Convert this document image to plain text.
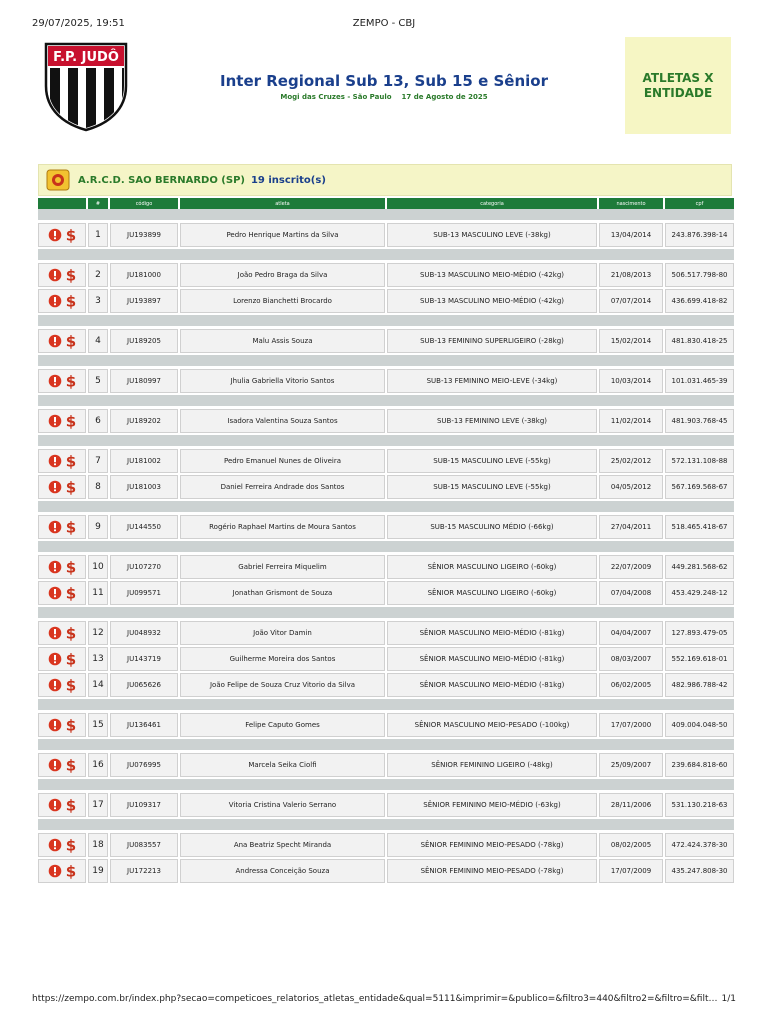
29/07/2025, 19:51	ZEMPO - CBJ
F.P. JUDÔ
Inter Regional Sub 13, Sub 15 e Sênior
Mogi das Cruzes - São Paulo 17 de Agosto de 2025
ATLETAS X
ENTIDADE
A.R.C.D. SAO BERNARDO (SP) 19 inscrito(s)
	#	código	atleta	categoria	nascimento	cpf

$	1	JU193899	Pedro Henrique Martins da Silva	SUB-13 MASCULINO LEVE (-38kg)	13/04/2014	243.876.398-14

$	2	JU181000	João Pedro Braga da Silva	SUB-13 MASCULINO MEIO-MÉDIO (-42kg)	21/08/2013	506.517.798-80

$	3	JU193897	Lorenzo Bianchetti Brocardo	SUB-13 MASCULINO MEIO-MÉDIO (-42kg)	07/07/2014	436.699.418-82

$	4	JU189205	Malu Assis Souza	SUB-13 FEMININO SUPERLIGEIRO (-28kg)	15/02/2014	481.830.418-25

$	5	JU180997	Jhulia Gabriella Vitorio Santos	SUB-13 FEMININO MEIO-LEVE (-34kg)	10/03/2014	101.031.465-39

$	6	JU189202	Isadora Valentina Souza Santos	SUB-13 FEMININO LEVE (-38kg)	11/02/2014	481.903.768-45

$	7	JU181002	Pedro Emanuel Nunes de Oliveira	SUB-15 MASCULINO LEVE (-55kg)	25/02/2012	572.131.108-88

$	8	JU181003	Daniel Ferreira Andrade dos Santos	SUB-15 MASCULINO LEVE (-55kg)	04/05/2012	567.169.568-67

$	9	JU144550	Rogério Raphael Martins de Moura Santos	SUB-15 MASCULINO MÉDIO (-66kg)	27/04/2011	518.465.418-67

$	10	JU107270	Gabriel Ferreira Miquelim	SÊNIOR MASCULINO LIGEIRO (-60kg)	22/07/2009	449.281.568-62

$	11	JU099571	Jonathan Grismont de Souza	SÊNIOR MASCULINO LIGEIRO (-60kg)	07/04/2008	453.429.248-12

$	12	JU048932	João Vitor Damin	SÊNIOR MASCULINO MEIO-MÉDIO (-81kg)	04/04/2007	127.893.479-05

$	13	JU143719	Guilherme Moreira dos Santos	SÊNIOR MASCULINO MEIO-MÉDIO (-81kg)	08/03/2007	552.169.618-01

$	14	JU065626	João Felipe de Souza Cruz Vitorio da Silva	SÊNIOR MASCULINO MEIO-MÉDIO (-81kg)	06/02/2005	482.986.788-42

$	15	JU136461	Felipe Caputo Gomes	SÊNIOR MASCULINO MEIO-PESADO (-100kg)	17/07/2000	409.004.048-50

$	16	JU076995	Marcela Seika Ciolfi	SÊNIOR FEMININO LIGEIRO (-48kg)	25/09/2007	239.684.818-60

$	17	JU109317	Vitoria Cristina Valerio Serrano	SÊNIOR FEMININO MEIO-MÉDIO (-63kg)	28/11/2006	531.130.218-63

$	18	JU083557	Ana Beatriz Specht Miranda	SÊNIOR FEMININO MEIO-PESADO (-78kg)	08/02/2005	472.424.378-30

$	19	JU172213	Andressa Conceição Souza	SÊNIOR FEMININO MEIO-PESADO (-78kg)	17/07/2009	435.247.808-30

https://zempo.com.br/index.php?secao=competicoes_relatorios_atletas_entidade&qual=5111&imprimir=&publico=&filtro3=440&filtro2=&filtro=&filt… 1/1
